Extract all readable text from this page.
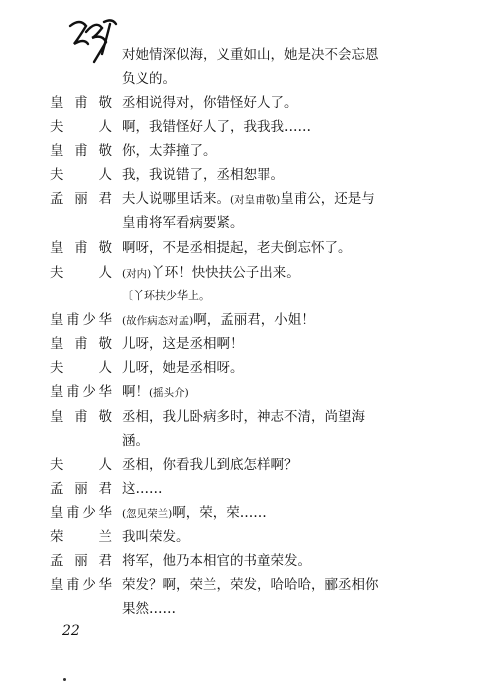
对她情深似海，义重如山，她是决不会忘恩
负义的。
皇 甫 敬 丞相说得对，你错怪好人了。
夫	人 啊，我错怪好人了，我我我……
皇 甫 敬 你，太莽撞了。
夫	人 我，我说错了，丞相恕罪。
孟 丽 君 夫人说哪里话来。(对皇甫敬)皇甫公，还是与
皇甫将军看病要紧。
皇 甫 敬 啊呀，不是丞相提起，老夫倒忘怀了。
夫	人 (对内)丫环！快快扶公子出来。
〔丫环扶少华上。
皇 甫 少 华 (故作病态对孟)啊，孟丽君，小姐！
皇 甫 敬 儿呀，这是丞相啊！
夫	人 儿呀，她是丞相呀。
皇 甫 少 华 啊！(摇头介)
皇 甫 敬 丞相，我儿卧病多时，神志不清，尚望海
涵。
夫	人 丞相，你看我儿到底怎样啊？
孟 丽 君 这……
皇 甫 少 华 (忽见荣兰)啊，荣，荣……
荣	兰 我叫荣发。
孟 丽 君 将军，他乃本相官的书童荣发。
皇 甫 少 华 荣发？啊，荣兰，荣发，哈哈哈，郦丞相你
果然……
22
